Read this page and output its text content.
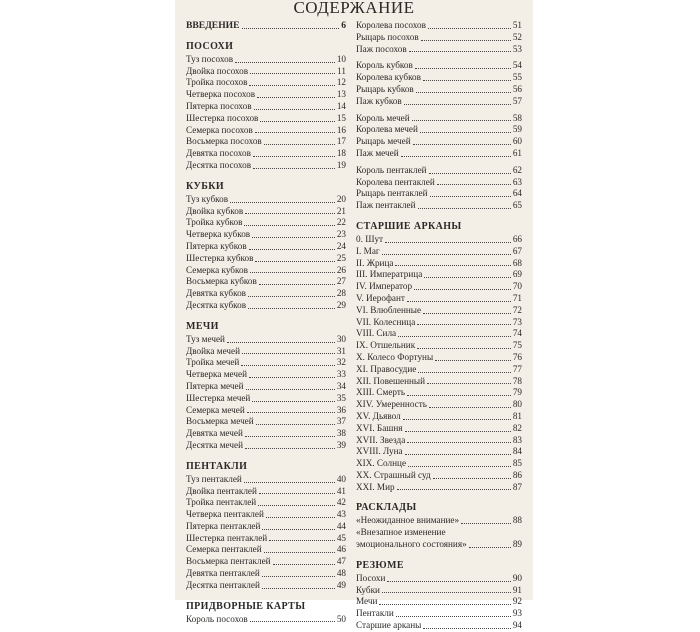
СОДЕРЖАНИЕ
ВВЕДЕНИЕ	6
ПОСОХИ
Туз посохов	10
Двойка посохов	11
Тройка посохов	12
Четверка посохов	13
Пятерка посохов	14
Шестерка посохов	15
Семерка посохов	16
Восьмерка посохов	17
Девятка посохов	18
Десятка посохов	19
КУБКИ
Туз кубков	20
Двойка кубков	21
Тройка кубков	22
Четверка кубков	23
Пятерка кубков	24
Шестерка кубков	25
Семерка кубков	26
Восьмерка кубков	27
Девятка кубков	28
Десятка кубков	29
МЕЧИ
Туз мечей	30
Двойка мечей	31
Тройка мечей	32
Четверка мечей	33
Пятерка мечей	34
Шестерка мечей	35
Семерка мечей	36
Восьмерка мечей	37
Девятка мечей	38
Десятка мечей	39
ПЕНТАКЛИ
Туз пентаклей	40
Двойка пентаклей	41
Тройка пентаклей	42
Четверка пентаклей	43
Пятерка пентаклей	44
Шестерка пентаклей	45
Семерка пентаклей	46
Восьмерка пентаклей	47
Девятка пентаклей	48
Десятка пентаклей	49
ПРИДВОРНЫЕ КАРТЫ
Король посохов	50
Королева посохов	51
Рыцарь посохов	52
Паж посохов	53
Король кубков	54
Королева кубков	55
Рыцарь кубков	56
Паж кубков	57
Король мечей	58
Королева мечей	59
Рыцарь мечей	60
Паж мечей	61
Король пентаклей	62
Королева пентаклей	63
Рыцарь пентаклей	64
Паж пентаклей	65
СТАРШИЕ АРКАНЫ
0. Шут	66
I. Маг	67
II. Жрица	68
III. Императрица	69
IV. Император	70
V. Иерофант	71
VI. Влюбленные	72
VII. Колесница	73
VIII. Сила	74
IX. Отшельник	75
X. Колесо Фортуны	76
XI. Правосудие	77
XII. Повешенный	78
XIII. Смерть	79
XIV. Умеренность	80
XV. Дьявол	81
XVI. Башня	82
XVII. Звезда	83
XVIII. Луна	84
XIX. Солнце	85
XX. Страшный суд	86
XXI. Мир	87
РАСКЛАДЫ
«Неожиданное внимание»	88
«Внезапное изменение
эмоционального состояния»	89
РЕЗЮМЕ
Посохи	90
Кубки	91
Мечи	92
Пентакли	93
Старшие арканы	94
